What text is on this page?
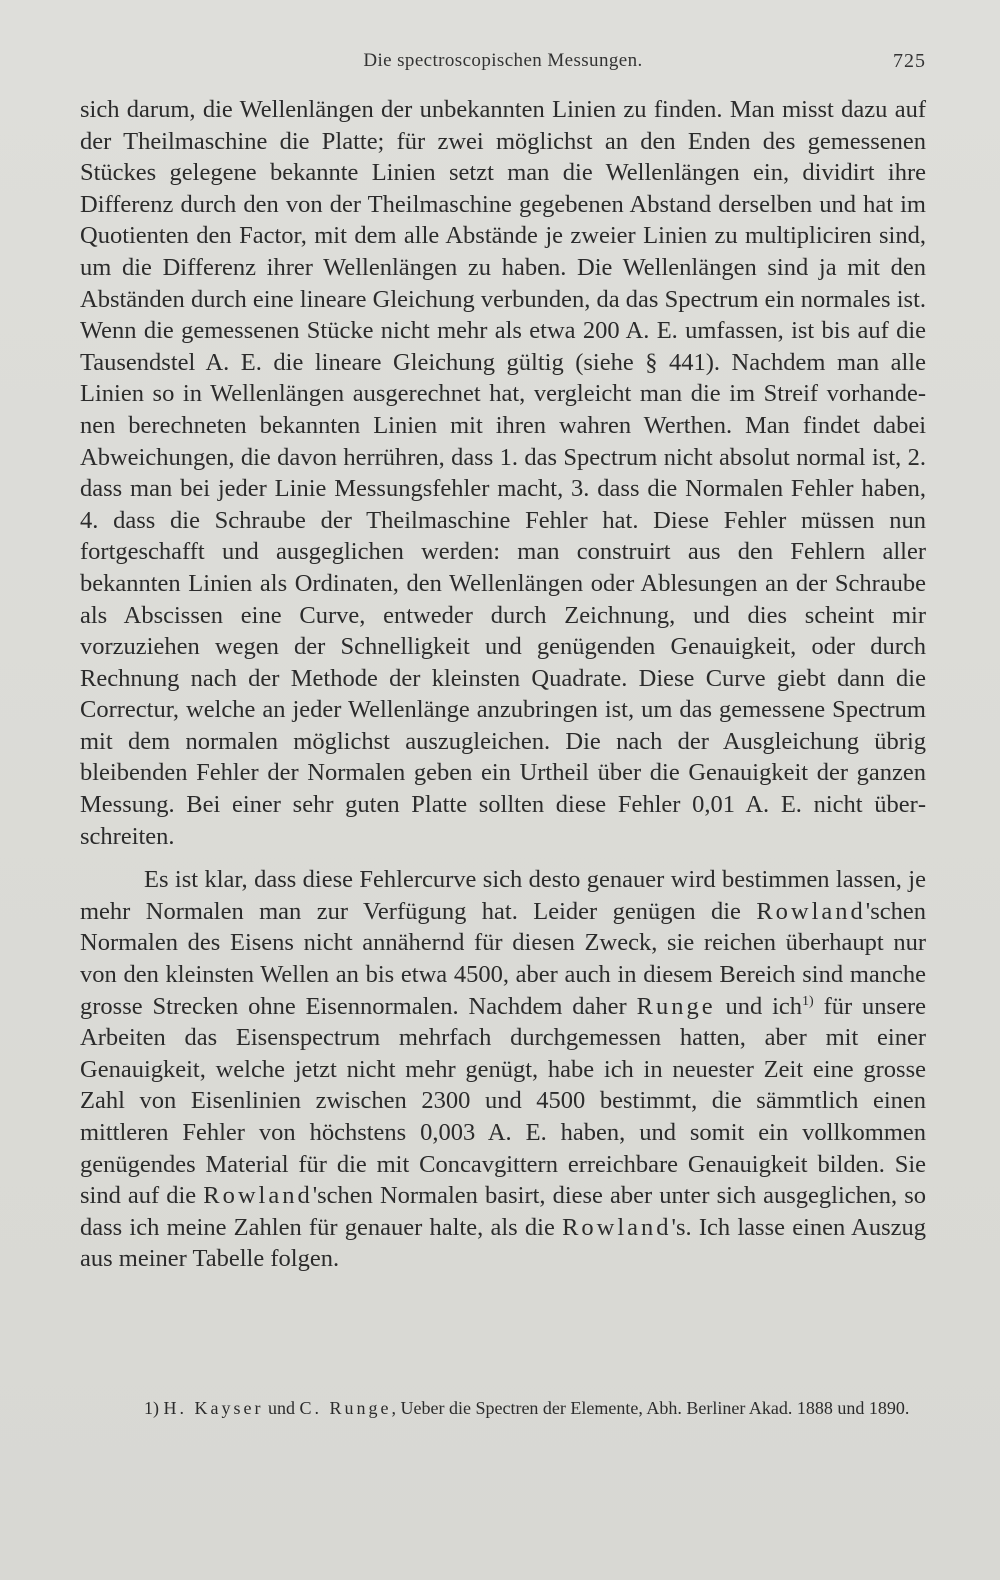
Die spectroscopischen Messungen.	725

sich darum, die Wellenlängen der unbekannten Linien zu finden. Man misst dazu auf der Theilmaschine die Platte; für zwei möglichst an den Enden des gemessenen Stückes gelegene bekannte Linien setzt man die Wellenlängen ein, dividirt ihre Differenz durch den von der Theilmaschine gegebenen Abstand derselben und hat im Quotienten den Factor, mit dem alle Abstände je zweier Linien zu multipliciren sind, um die Differenz ihrer Wellenlängen zu haben. Die Wellenlängen sind ja mit den Abständen durch eine lineare Gleichung verbunden, da das Spectrum ein normales ist. Wenn die gemessenen Stücke nicht mehr als etwa 200 A. E. umfassen, ist bis auf die Tausendstel A. E. die lineare Gleichung gültig (siehe § 441). Nachdem man alle Linien so in Wellenlängen ausgerechnet hat, vergleicht man die im Streif vorhandenen berechneten bekannten Linien mit ihren wahren Werthen. Man findet dabei Abweichungen, die davon herrühren, dass 1. das Spectrum nicht absolut normal ist, 2. dass man bei jeder Linie Messungsfehler macht, 3. dass die Normalen Fehler haben, 4. dass die Schraube der Theilmaschine Fehler hat. Diese Fehler müssen nun fortgeschafft und ausgeglichen werden: man construirt aus den Fehlern aller bekannten Linien als Ordinaten, den Wellenlängen oder Ablesungen an der Schraube als Abscissen eine Curve, entweder durch Zeichnung, und dies scheint mir vorzuziehen wegen der Schnelligkeit und genügenden Genauigkeit, oder durch Rechnung nach der Methode der kleinsten Quadrate. Diese Curve giebt dann die Correctur, welche an jeder Wellenlänge anzubringen ist, um das gemessene Spectrum mit dem normalen möglichst auszugleichen. Die nach der Ausgleichung übrig bleibenden Fehler der Normalen geben ein Urtheil über die Genauigkeit der ganzen Messung. Bei einer sehr guten Platte sollten diese Fehler 0,01 A. E. nicht überschreiten.

Es ist klar, dass diese Fehlercurve sich desto genauer wird bestimmen lassen, je mehr Normalen man zur Verfügung hat. Leider genügen die Rowland'schen Normalen des Eisens nicht annähernd für diesen Zweck, sie reichen überhaupt nur von den kleinsten Wellen an bis etwa 4500, aber auch in diesem Bereich sind manche grosse Strecken ohne Eisennormalen. Nachdem daher Runge und ich$^{1)}$ für unsere Arbeiten das Eisenspectrum mehrfach durchgemessen hatten, aber mit einer Genauigkeit, welche jetzt nicht mehr genügt, habe ich in neuester Zeit eine grosse Zahl von Eisenlinien zwischen 2300 und 4500 bestimmt, die sämmtlich einen mittleren Fehler von höchstens 0,003 A. E. haben, und somit ein vollkommen genügendes Material für die mit Concavgittern erreichbare Genauigkeit bilden. Sie sind auf die Rowland'schen Normalen basirt, diese aber unter sich ausgeglichen, so dass ich meine Zahlen für genauer halte, als die Rowland's. Ich lasse einen Auszug aus meiner Tabelle folgen.

1) H. Kayser und C. Runge, Ueber die Spectren der Elemente, Abh. Berliner Akad. 1888 und 1890.
